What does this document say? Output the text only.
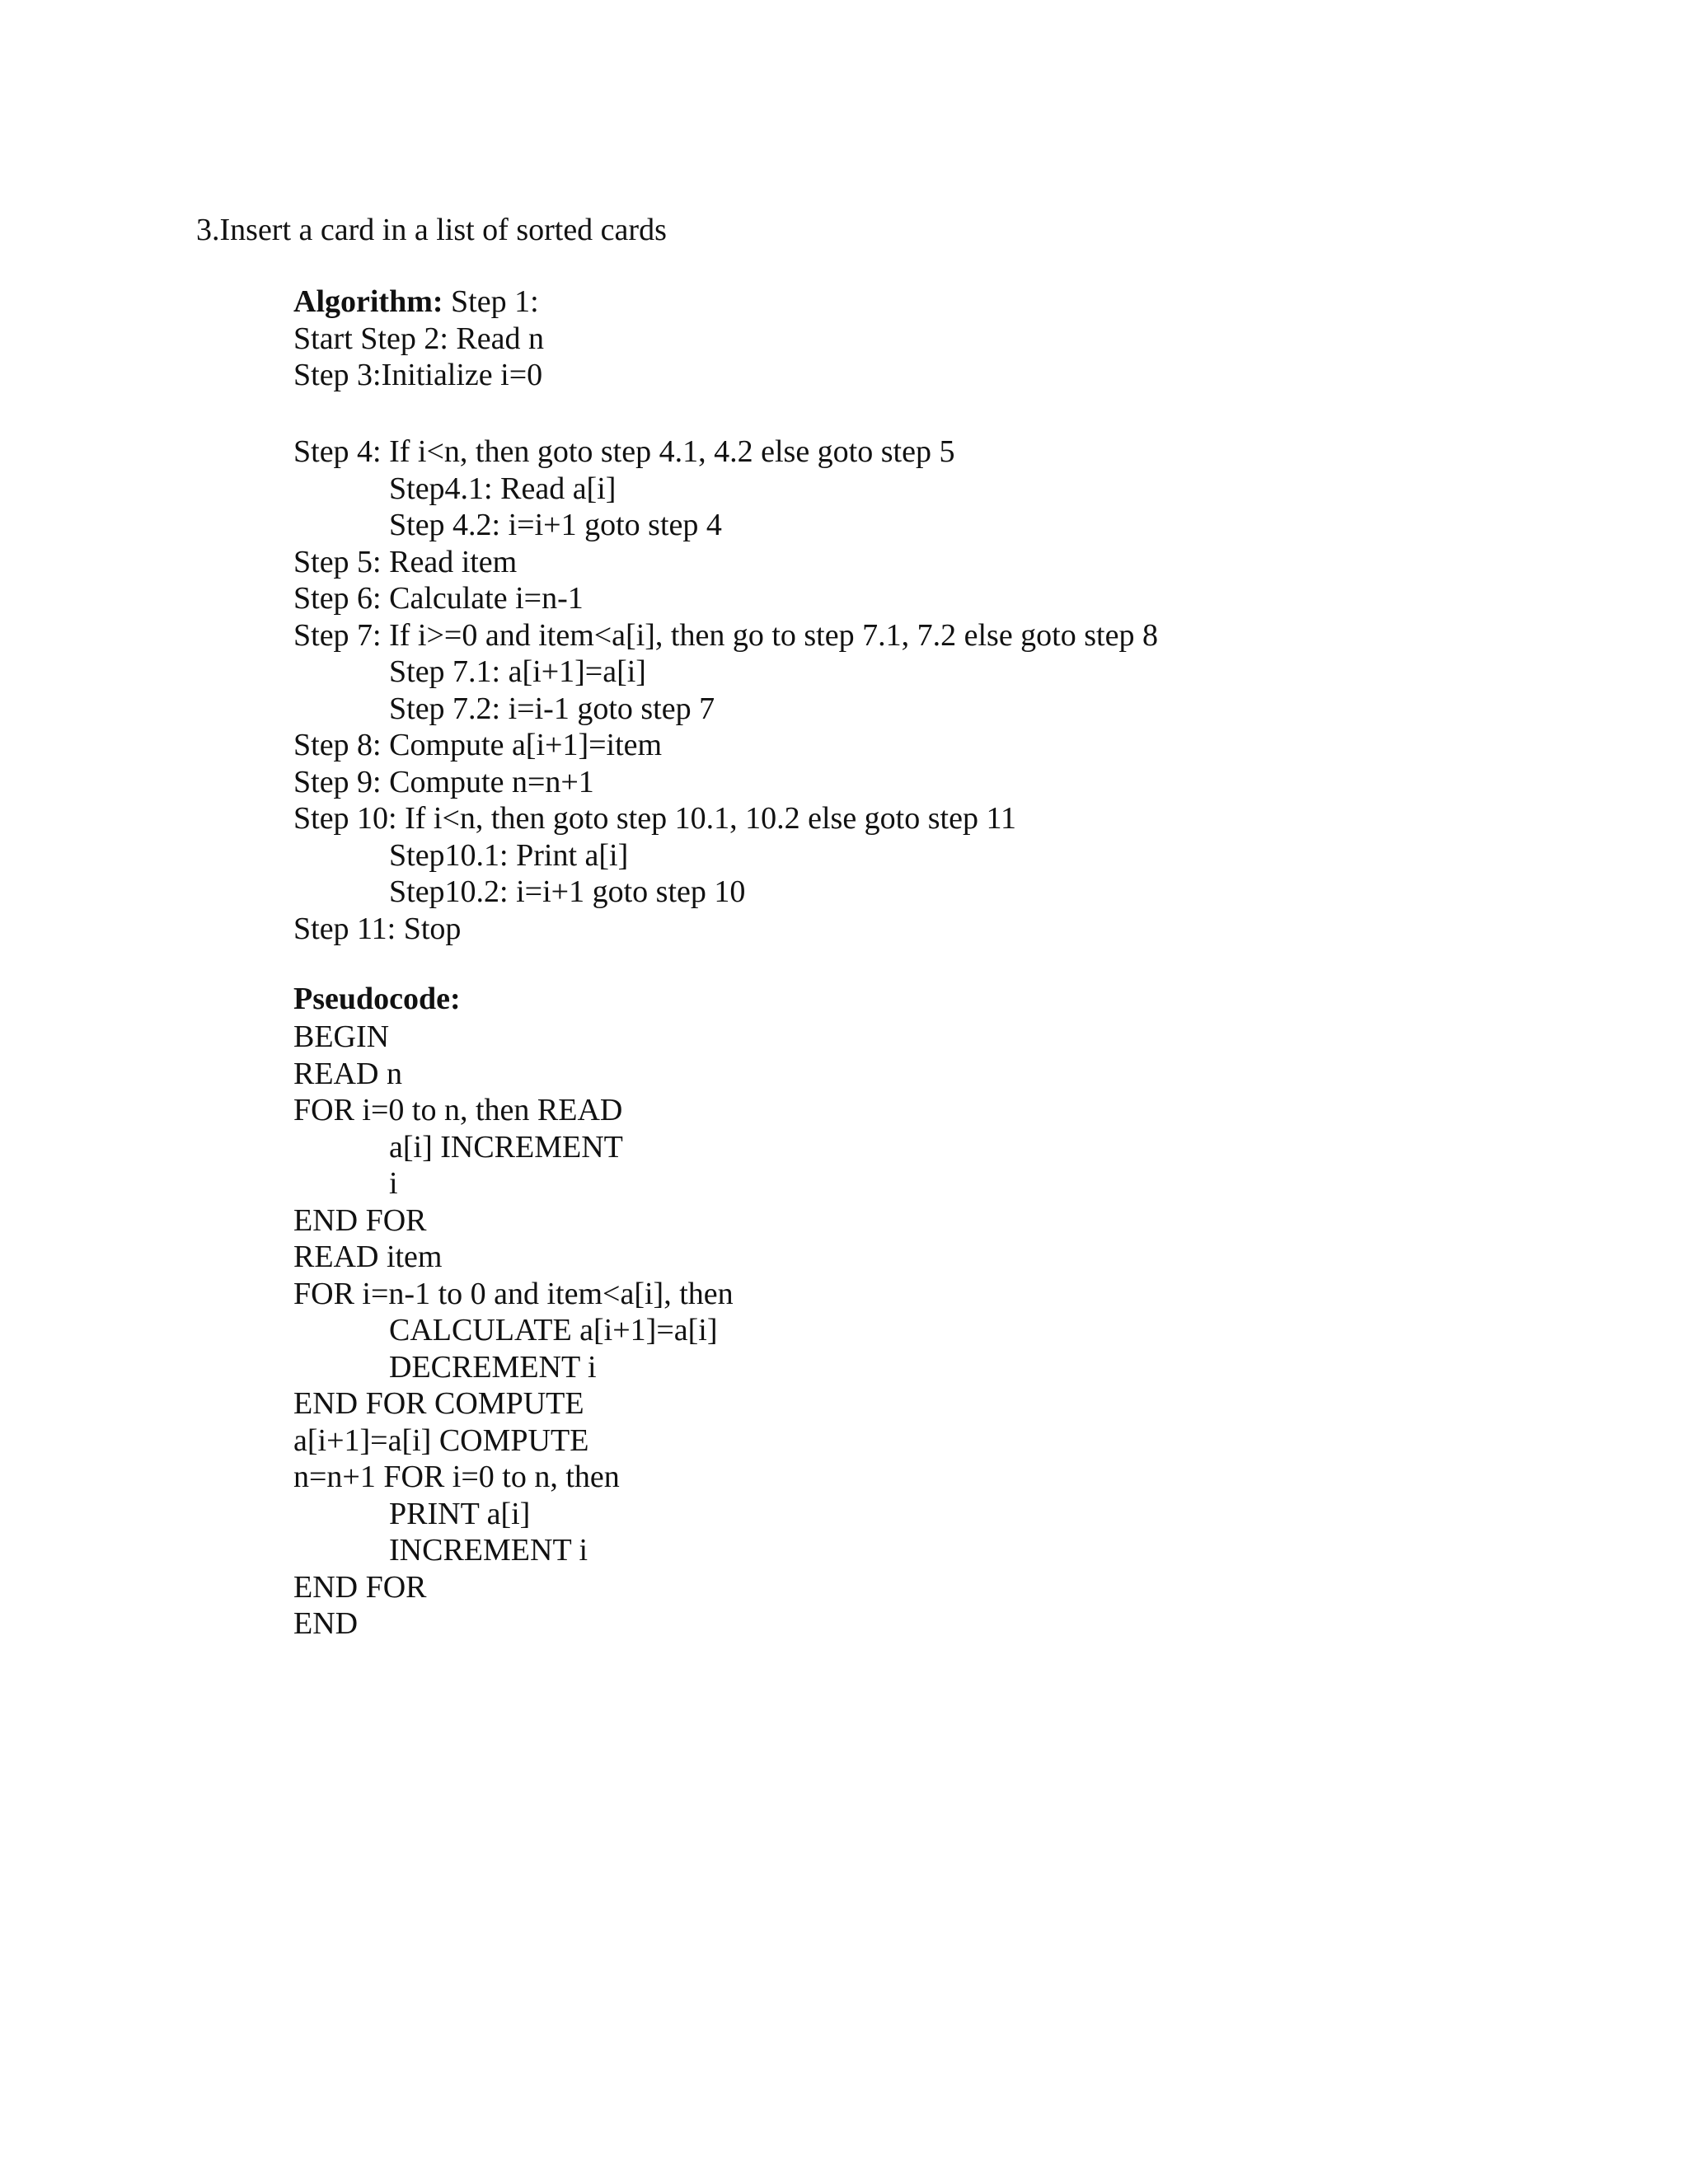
3.Insert a card in a list of sorted cards
Algorithm: Step 1:
Start Step 2: Read n
Step 3:Initialize i=0
Step 4: If i<n, then goto step 4.1, 4.2 else goto step 5
Step4.1: Read a[i]
Step 4.2: i=i+1 goto step 4
Step 5: Read item
Step 6: Calculate i=n-1
Step 7: If i>=0 and item<a[i], then go to step 7.1, 7.2 else goto step 8
Step 7.1: a[i+1]=a[i]
Step 7.2: i=i-1 goto step 7
Step 8: Compute a[i+1]=item
Step 9: Compute n=n+1
Step 10: If i<n, then goto step 10.1, 10.2 else goto step 11
Step10.1: Print a[i]
Step10.2: i=i+1 goto step 10
Step 11: Stop
Pseudocode:
BEGIN
READ n
FOR i=0 to n, then READ
a[i] INCREMENT
i
END FOR
READ item
FOR i=n-1 to 0 and item<a[i], then
CALCULATE a[i+1]=a[i]
DECREMENT i
END FOR COMPUTE
a[i+1]=a[i] COMPUTE
n=n+1 FOR i=0 to n, then
PRINT a[i]
INCREMENT i
END FOR
END
